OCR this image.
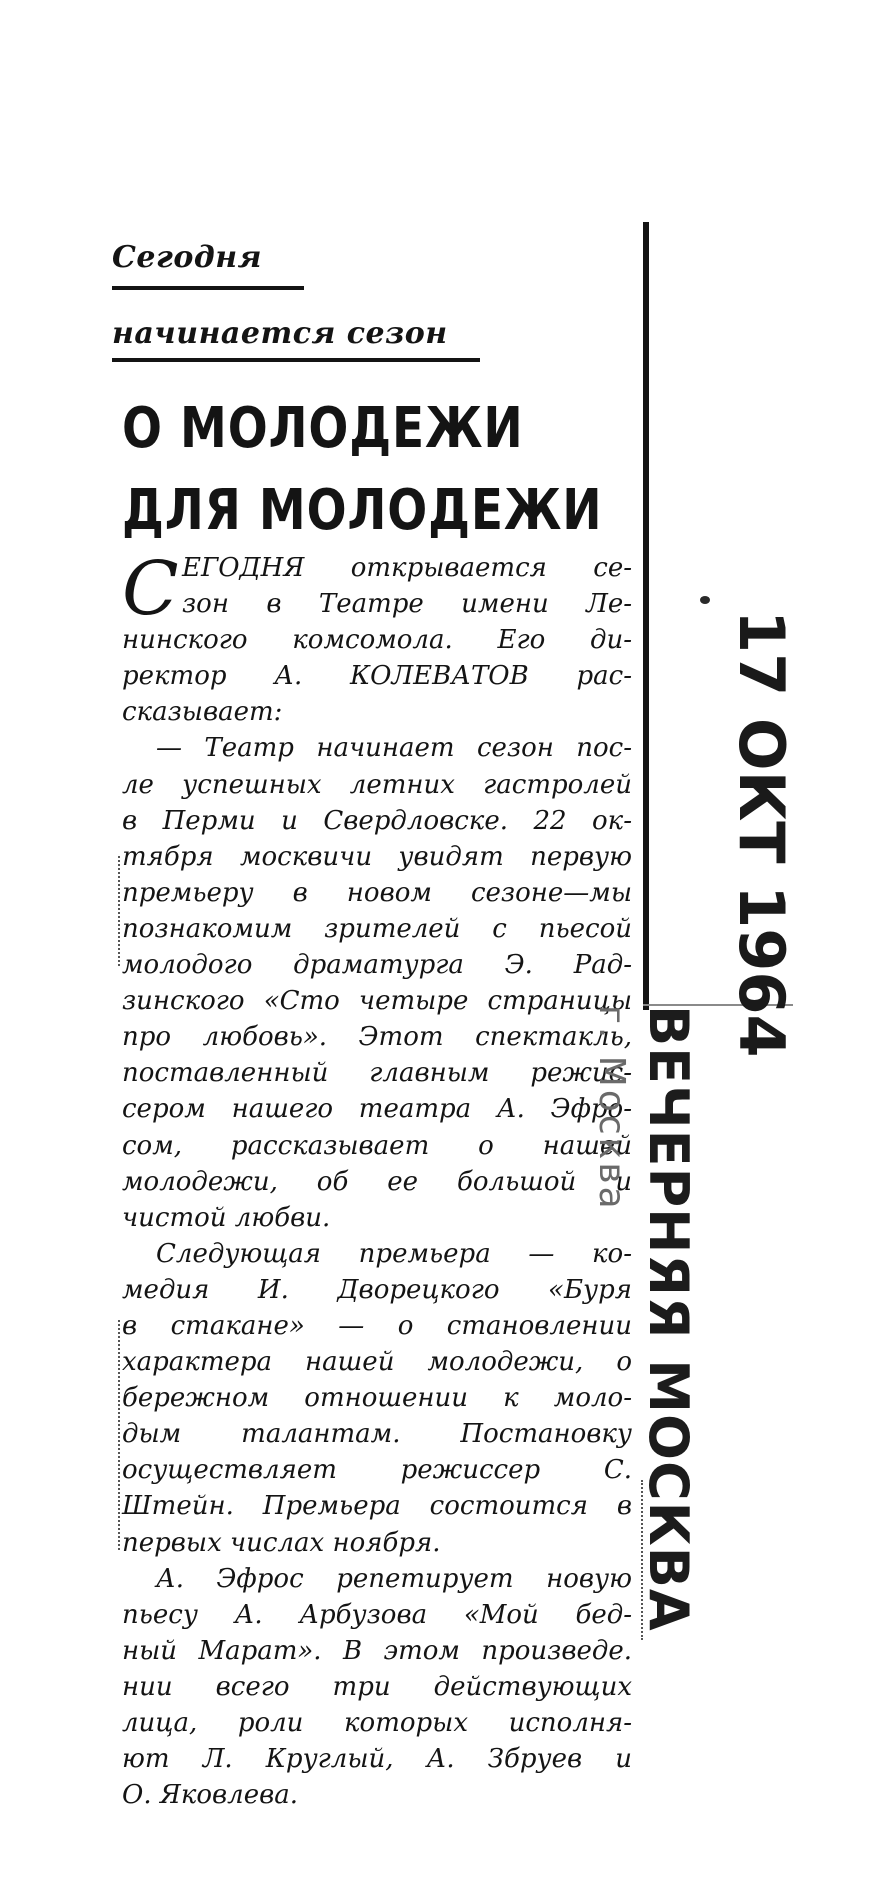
Сегодня
начинается сезон
О МОЛОДЕЖИ
ДЛЯ МОЛОДЕЖИ
С ЕГОДНЯ открывается се-
зон в Театре имени Ле-
нинского комсомола. Его ди-
ректор А. КОЛЕВАТОВ рас-
сказывает:

— Театр начинает сезон пос-
ле успешных летних гастролей
в Перми и Свердловске. 22 ок-
тября москвичи увидят первую
премьеру в новом сезоне—мы
познакомим зрителей с пьесой
молодого драматурга Э. Рад-
зинского «Сто четыре страницы
про любовь». Этот спектакль,
поставленный главным режис-
сером нашего театра А. Эфро-
сом, рассказывает о нашей
молодежи, об ее большой и
чистой любви.

Следующая премьера — ко-
медия И. Дворецкого «Буря
в стакане» — о становлении
характера нашей молодежи, о
бережном отношении к моло-
дым талантам. Постановку
осуществляет режиссер С.
Штейн. Премьера состоится в
первых числах ноября.

А. Эфрос репетирует новую
пьесу А. Арбузова «Мой бед-
ный Марат». В этом произведе.
нии всего три действующих
лица, роли которых исполня-
ют Л. Круглый, А. Збруев и
О. Яковлева.

ВЕЧЕРНЯЯ МОСКВА
г. Москва
17 ОКТ 1964
